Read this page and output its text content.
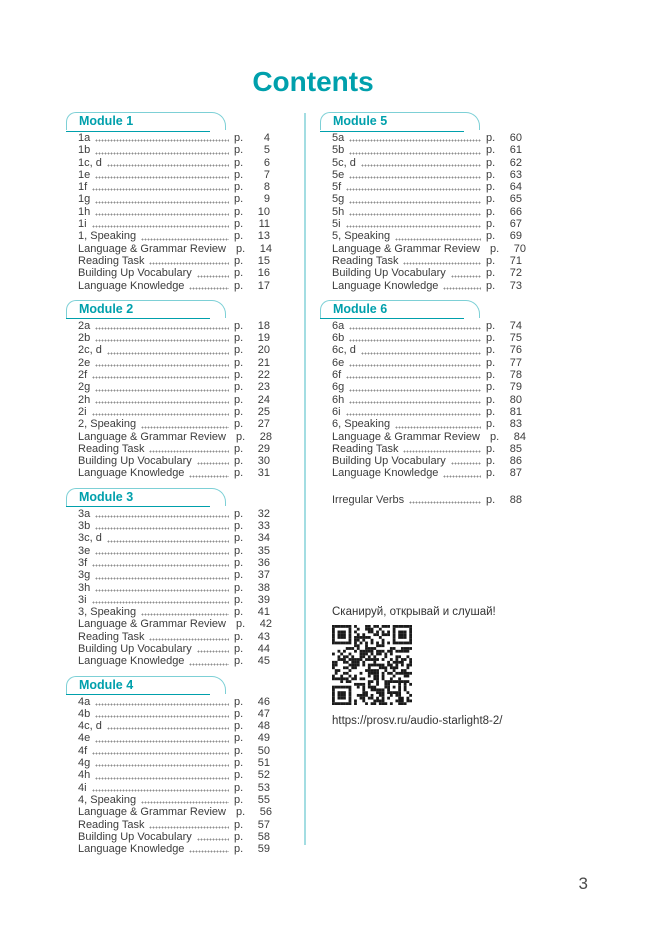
Contents
Module 1
1a	p.	4
1b	p.	5
1c, d	p.	6
1e	p.	7
1f	p.	8
1g	p.	9
1h	p.	10
1i	p.	11
1, Speaking	p.	13
Language & Grammar Review p.	14
Reading Task	p.	15
Building Up Vocabulary	p.	16
Language Knowledge	p.	17
Module 2
2a	p.	18
2b	p.	19
2c, d	p.	20
2e	p.	21
2f	p.	22
2g	p.	23
2h	p.	24
2i	p.	25
2, Speaking	p.	27
Language & Grammar Review p.	28
Reading Task	p.	29
Building Up Vocabulary	p.	30
Language Knowledge	p.	31
Module 3
3a	p.	32
3b	p.	33
3c, d	p.	34
3e	p.	35
3f	p.	36
3g	p.	37
3h	p.	38
3i	p.	39
3, Speaking	p.	41
Language & Grammar Review p.	42
Reading Task	p.	43
Building Up Vocabulary	p.	44
Language Knowledge	p.	45
Module 4
4a	p.	46
4b	p.	47
4c, d	p.	48
4e	p.	49
4f	p.	50
4g	p.	51
4h	p.	52
4i	p.	53
4, Speaking	p.	55
Language & Grammar Review p.	56
Reading Task	p.	57
Building Up Vocabulary	p.	58
Language Knowledge	p.	59
Module 5
5a	p.	60
5b	p.	61
5c, d	p.	62
5e	p.	63
5f	p.	64
5g	p.	65
5h	p.	66
5i	p.	67
5, Speaking	p.	69
Language & Grammar Review p.	70
Reading Task	p.	71
Building Up Vocabulary	p.	72
Language Knowledge	p.	73
Module 6
6a	p.	74
6b	p.	75
6c, d	p.	76
6e	p.	77
6f	p.	78
6g	p.	79
6h	p.	80
6i	p.	81
6, Speaking	p.	83
Language & Grammar Review p.	84
Reading Task	p.	85
Building Up Vocabulary	p.	86
Language Knowledge	p.	87
Irregular Verbs	p.	88

Сканируй, открывай и слушай!

https://prosv.ru/audio-starlight8-2/

3
